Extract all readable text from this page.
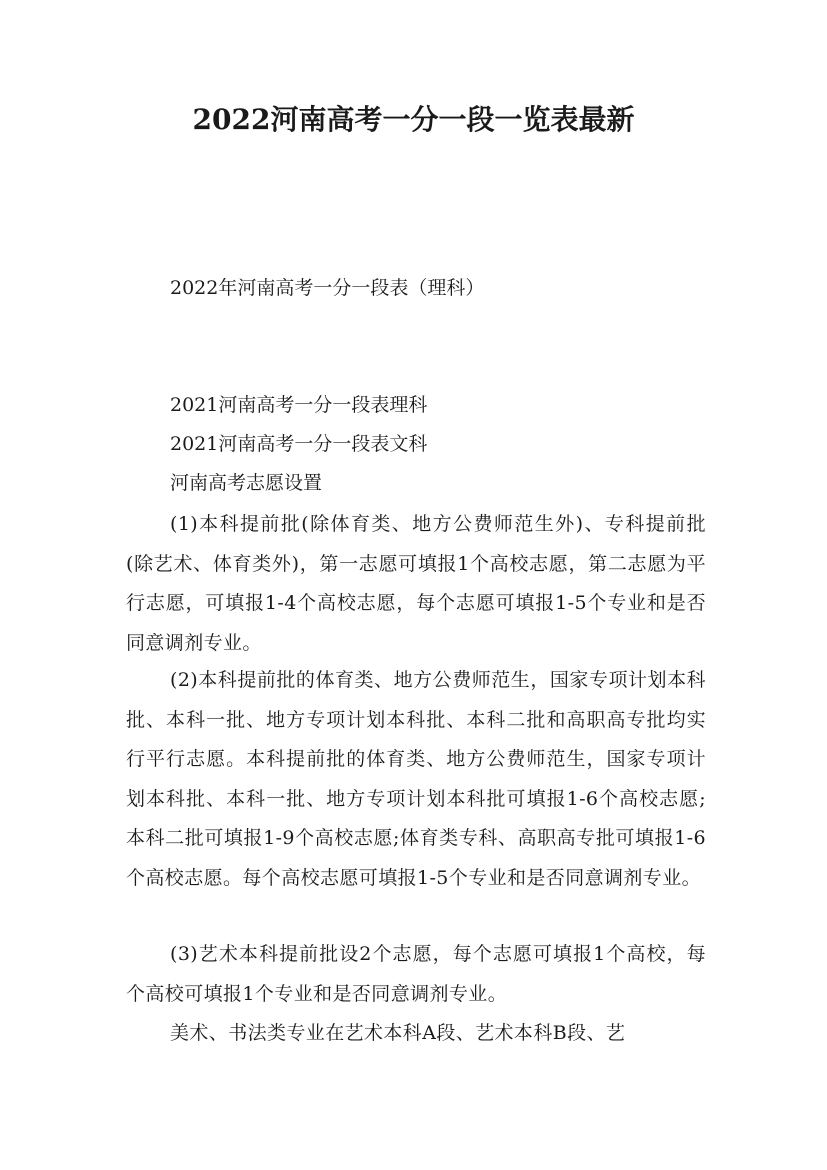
2022河南高考一分一段一览表最新
2022年河南高考一分一段表（理科）
2021河南高考一分一段表理科
2021河南高考一分一段表文科
河南高考志愿设置

(1)本科提前批(除体育类、地方公费师范生外)、专科提前批(除艺术、体育类外)，第一志愿可填报1个高校志愿，第二志愿为平行志愿，可填报1-4个高校志愿，每个志愿可填报1-5个专业和是否同意调剂专业。

(2)本科提前批的体育类、地方公费师范生，国家专项计划本科批、本科一批、地方专项计划本科批、本科二批和高职高专批均实行平行志愿。本科提前批的体育类、地方公费师范生，国家专项计划本科批、本科一批、地方专项计划本科批可填报1-6个高校志愿;本科二批可填报1-9个高校志愿;体育类专科、高职高专批可填报1-6个高校志愿。每个高校志愿可填报1-5个专业和是否同意调剂专业。

(3)艺术本科提前批设2个志愿，每个志愿可填报1个高校，每个高校可填报1个专业和是否同意调剂专业。

美术、书法类专业在艺术本科A段、艺术本科B段、艺
